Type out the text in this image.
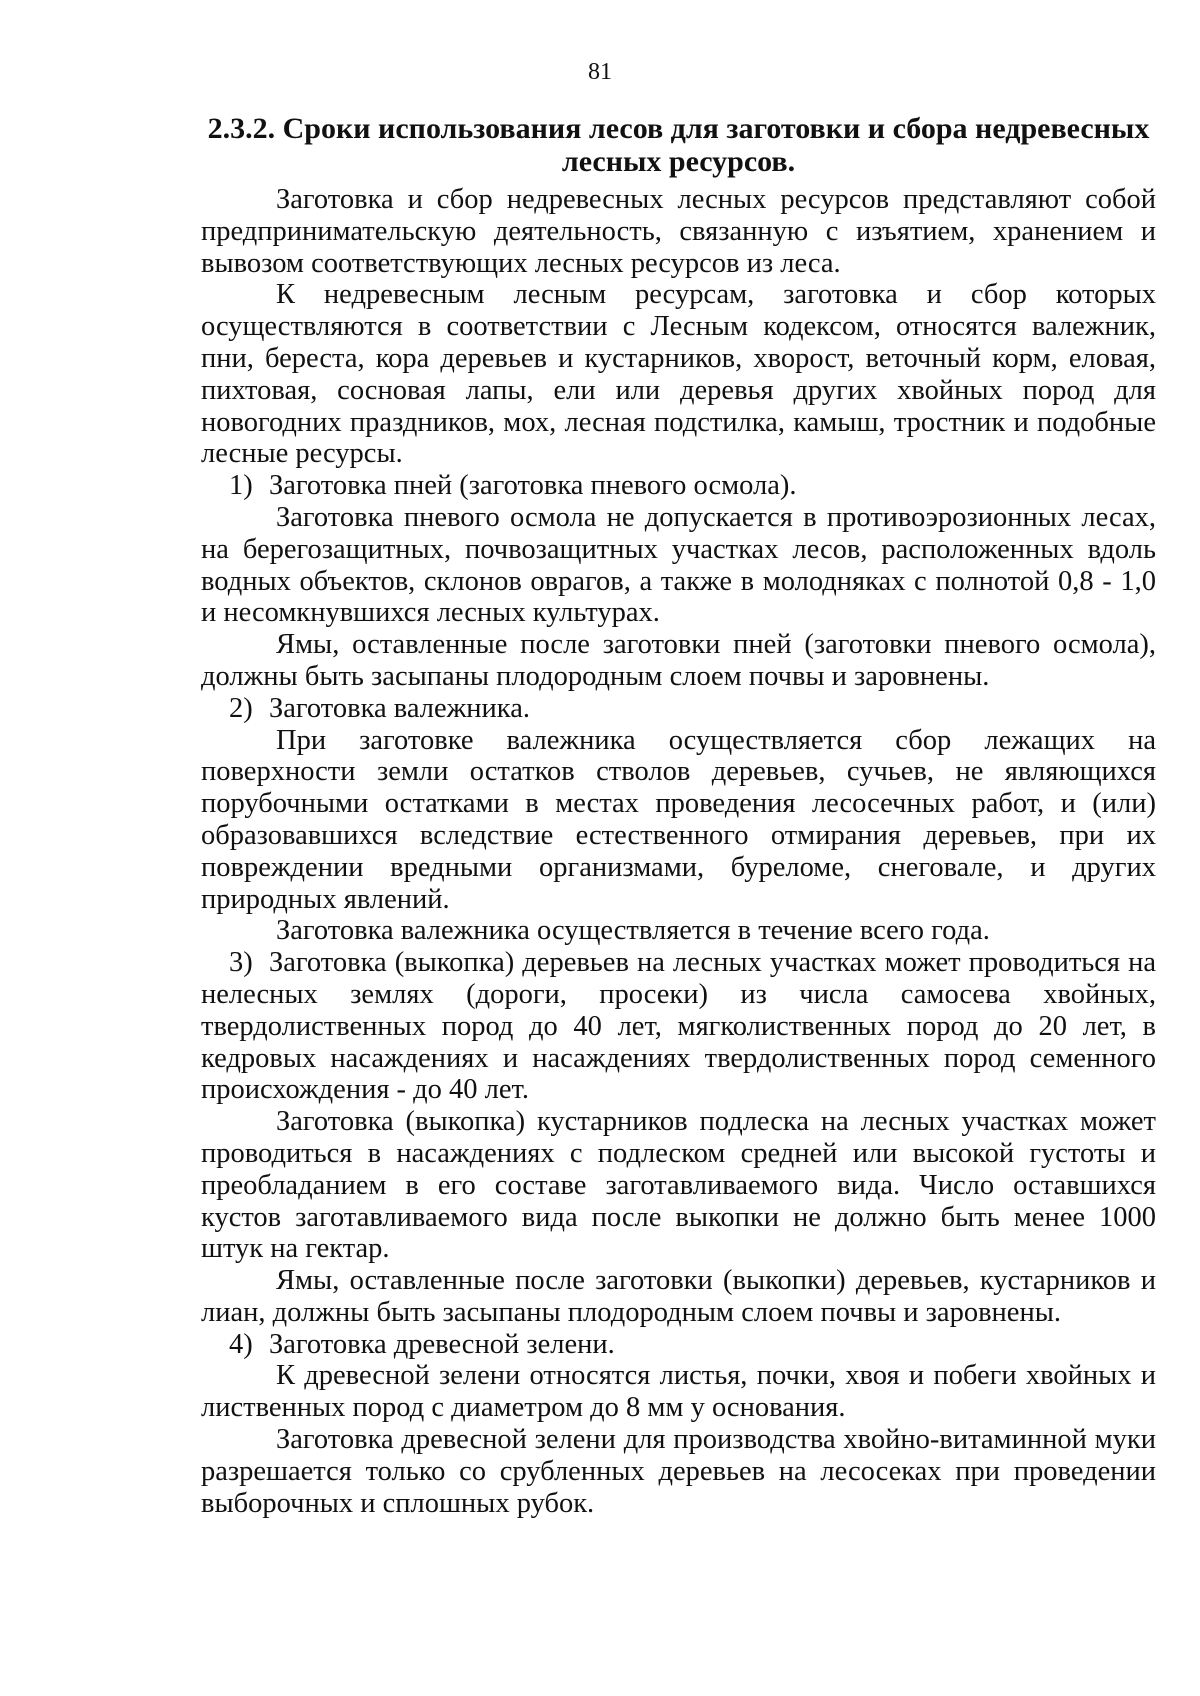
81
2.3.2. Сроки использования лесов для заготовки и сбора недревесных лесных ресурсов.

Заготовка и сбор недревесных лесных ресурсов представляют собой предпринимательскую деятельность, связанную с изъятием, хранением и вывозом соответствующих лесных ресурсов из леса.

К недревесным лесным ресурсам, заготовка и сбор которых осуществляются в соответствии с Лесным кодексом, относятся валежник, пни, береста, кора деревьев и кустарников, хворост, веточный корм, еловая, пихтовая, сосновая лапы, ели или деревья других хвойных пород для новогодних праздников, мох, лесная подстилка, камыш, тростник и подобные лесные ресурсы.

1) Заготовка пней (заготовка пневого осмола).

Заготовка пневого осмола не допускается в противоэрозионных лесах, на берегозащитных, почвозащитных участках лесов, расположенных вдоль водных объектов, склонов оврагов, а также в молодняках с полнотой 0,8 - 1,0 и несомкнувшихся лесных культурах.

Ямы, оставленные после заготовки пней (заготовки пневого осмола), должны быть засыпаны плодородным слоем почвы и заровнены.

2) Заготовка валежника.

При заготовке валежника осуществляется сбор лежащих на поверхности земли остатков стволов деревьев, сучьев, не являющихся порубочными остатками в местах проведения лесосечных работ, и (или) образовавшихся вследствие естественного отмирания деревьев, при их повреждении вредными организмами, буреломе, снеговале, и других природных явлений.

Заготовка валежника осуществляется в течение всего года.

3) Заготовка (выкопка) деревьев на лесных участках может проводиться на нелесных землях (дороги, просеки) из числа самосева хвойных, твердолиственных пород до 40 лет, мягколиственных пород до 20 лет, в кедровых насаждениях и насаждениях твердолиственных пород семенного происхождения - до 40 лет.

Заготовка (выкопка) кустарников подлеска на лесных участках может проводиться в насаждениях с подлеском средней или высокой густоты и преобладанием в его составе заготавливаемого вида. Число оставшихся кустов заготавливаемого вида после выкопки не должно быть менее 1000 штук на гектар.

Ямы, оставленные после заготовки (выкопки) деревьев, кустарников и лиан, должны быть засыпаны плодородным слоем почвы и заровнены.

4) Заготовка древесной зелени.

К древесной зелени относятся листья, почки, хвоя и побеги хвойных и лиственных пород с диаметром до 8 мм у основания.

Заготовка древесной зелени для производства хвойно-витаминной муки разрешается только со срубленных деревьев на лесосеках при проведении выборочных и сплошных рубок.
